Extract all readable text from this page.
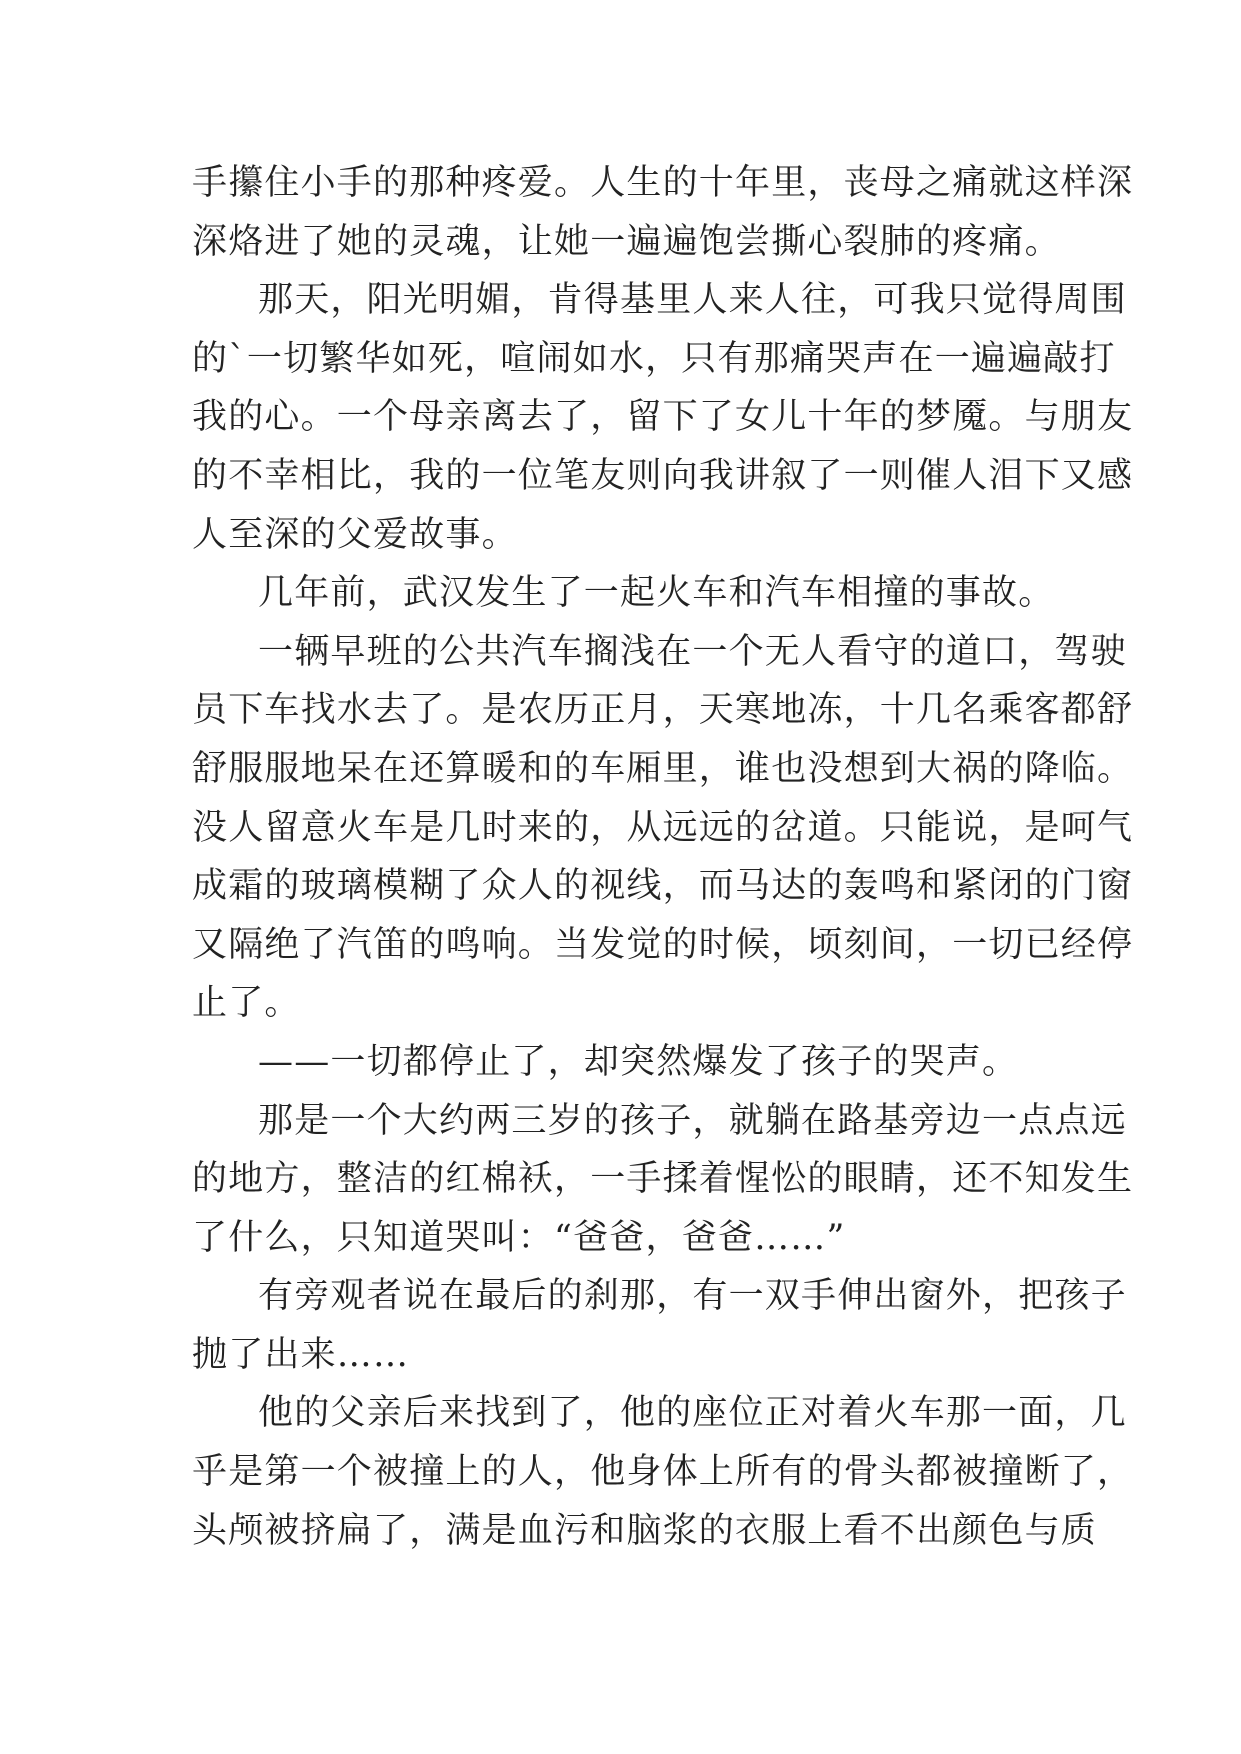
手攥住小手的那种疼爱。人生的十年里，丧母之痛就这样深
深烙进了她的灵魂，让她一遍遍饱尝撕心裂肺的疼痛。
那天，阳光明媚，肯得基里人来人往，可我只觉得周围
的`一切繁华如死，喧闹如水，只有那痛哭声在一遍遍敲打
我的心。一个母亲离去了，留下了女儿十年的梦魇。与朋友
的不幸相比，我的一位笔友则向我讲叙了一则催人泪下又感
人至深的父爱故事。
几年前，武汉发生了一起火车和汽车相撞的事故。
一辆早班的公共汽车搁浅在一个无人看守的道口，驾驶
员下车找水去了。是农历正月，天寒地冻，十几名乘客都舒
舒服服地呆在还算暖和的车厢里，谁也没想到大祸的降临。
没人留意火车是几时来的，从远远的岔道。只能说，是呵气
成霜的玻璃模糊了众人的视线，而马达的轰鸣和紧闭的门窗
又隔绝了汽笛的鸣响。当发觉的时候，顷刻间，一切已经停
止了。
——一切都停止了，却突然爆发了孩子的哭声。
那是一个大约两三岁的孩子，就躺在路基旁边一点点远
的地方，整洁的红棉袄，一手揉着惺忪的眼睛，还不知发生
了什么，只知道哭叫：“爸爸，爸爸……”
有旁观者说在最后的刹那，有一双手伸出窗外，把孩子
抛了出来……
他的父亲后来找到了，他的座位正对着火车那一面，几
乎是第一个被撞上的人，他身体上所有的骨头都被撞断了，
头颅被挤扁了，满是血污和脑浆的衣服上看不出颜色与质
